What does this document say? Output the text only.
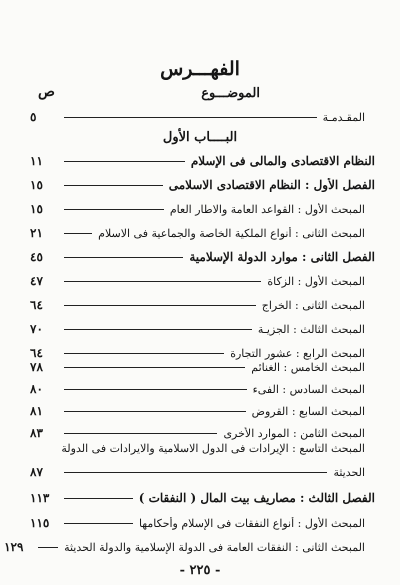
الفهـــرس
الموضـــوع
ص
البــــاب الأول
المقـدمـة
٥
النظام الاقتصادى والمالى فى الإسلام
١١
الفصل الأول : النظام الاقتصادى الاسلامى
١٥
المبحث الأول : القواعد العامة والاطار العام
١٥
المبحث الثانى : أنواع الملكية الخاصة والجماعية فى الاسلام
٢١
الفصل الثانى : موارد الدولة الإسلامية
٤٥
المبحث الأول : الزكاة
٤٧
المبحث الثانى : الخراج
٦٤
المبحث الثالث : الجزيـة
٧٠
المبحث الرابع : عشور التجارة
٦٤
المبحث الخامس : الغنائم
٧٨
المبحث السادس : الفىء
٨٠
المبحث السابع : القروض
٨١
المبحث الثامن : الموارد الأخرى
٨٣
المبحث التاسع : الإيرادات فى الدول الاسلامية والايرادات فى الدولة
الحديثة
٨٧
الفصل الثالث : مصاريف بيت المال ( النفقات )
١١٣
المبحث الأول : أنواع النفقات فى الإسلام وأحكامها
١١٥
المبحث الثانى : النفقات العامة فى الدولة الإسلامية والدولة الحديثة
١٢٩
- ٢٢٥ -
